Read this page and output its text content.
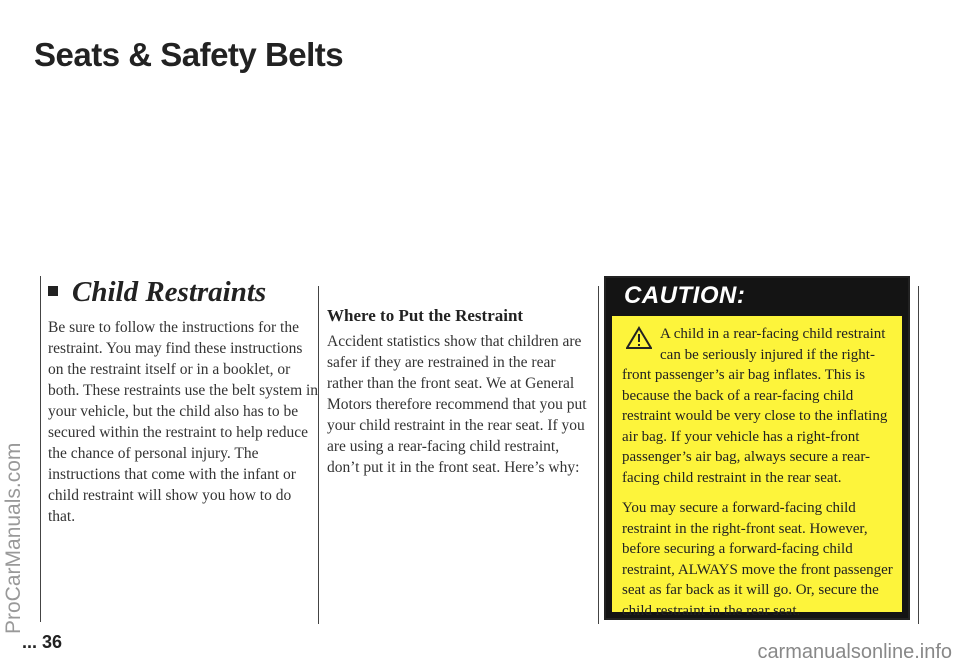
Seats & Safety Belts
ProCarManuals.com
Child Restraints
Be sure to follow the instructions for the restraint. You may find these instructions on the restraint itself or in a booklet, or both. These restraints use the belt system in your vehicle, but the child also has to be secured within the restraint to help reduce the chance of personal injury. The instructions that come with the infant or child restraint will show you how to do that.
Where to Put the Restraint
Accident statistics show that children are safer if they are restrained in the rear rather than the front seat. We at General Motors therefore recommend that you put your child restraint in the rear seat. If you are using a rear-facing child restraint, don’t put it in the front seat. Here’s why:
CAUTION:

A child in a rear-facing child restraint can be seriously injured if the right-front passenger’s air bag inflates. This is because the back of a rear-facing child restraint would be very close to the inflating air bag. If your vehicle has a right-front passenger’s air bag, always secure a rear-facing child restraint in the rear seat.

You may secure a forward-facing child restraint in the right-front seat. However, before securing a forward-facing child restraint, ALWAYS move the front passenger seat as far back as it will go. Or, secure the child restraint in the rear seat.

... 36	carmanualsonline.info
